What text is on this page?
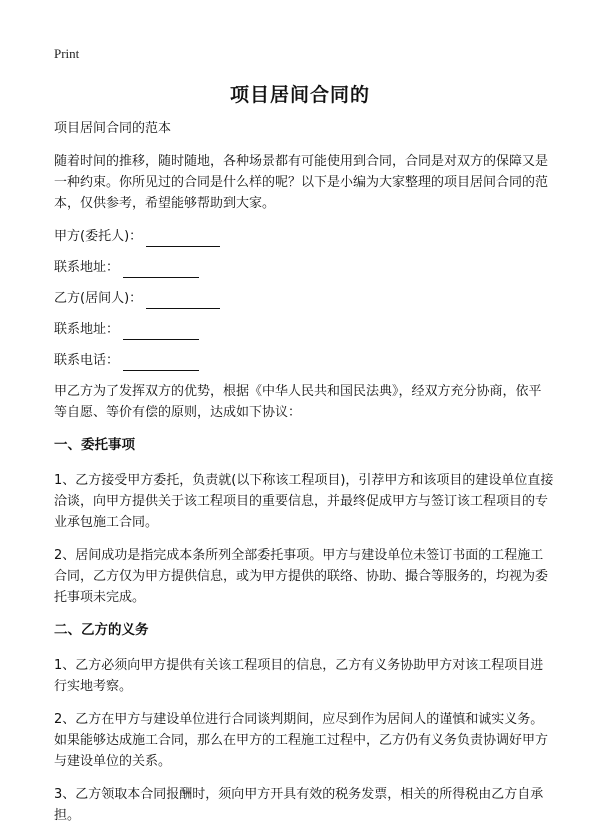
Print
项目居间合同的

项目居间合同的范本

随着时间的推移，随时随地，各种场景都有可能使用到合同，合同是对双方的保障又是一种约束。你所见过的合同是什么样的呢？以下是小编为大家整理的项目居间合同的范本，仅供参考，希望能够帮助到大家。

甲方(委托人)：
联系地址：
乙方(居间人)：
联系地址：
联系电话：

甲乙方为了发挥双方的优势，根据《中华人民共和国民法典》，经双方充分协商，依平等自愿、等价有偿的原则，达成如下协议：

一、委托事项

1、乙方接受甲方委托，负责就(以下称该工程项目)，引荐甲方和该项目的建设单位直接洽谈，向甲方提供关于该工程项目的重要信息，并最终促成甲方与签订该工程项目的专业承包施工合同。

2、居间成功是指完成本条所列全部委托事项。甲方与建设单位未签订书面的工程施工合同，乙方仅为甲方提供信息，或为甲方提供的联络、协助、撮合等服务的，均视为委托事项未完成。

二、乙方的义务

1、乙方必须向甲方提供有关该工程项目的信息，乙方有义务协助甲方对该工程项目进行实地考察。

2、乙方在甲方与建设单位进行合同谈判期间，应尽到作为居间人的谨慎和诚实义务。如果能够达成施工合同，那么在甲方的工程施工过程中，乙方仍有义务负责协调好甲方与建设单位的关系。

3、乙方领取本合同报酬时，须向甲方开具有效的税务发票，相关的所得税由乙方自承担。
